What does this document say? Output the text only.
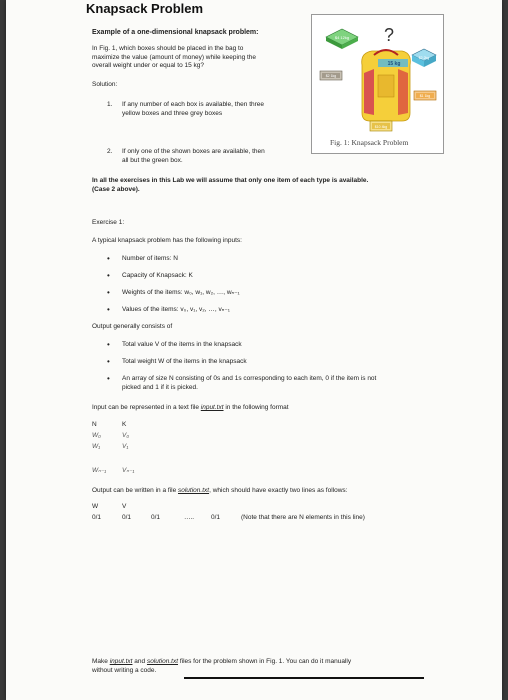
Knapsack Problem
Example of a one-dimensional knapsack problem:
In Fig. 1, which boxes should be placed in the bag to
maximize the value (amount of money) while keeping the
overall weight under or equal to 15 kg?
Solution:
1. If any number of each box is available, then three
yellow boxes and three grey boxes
2. If only one of the shown boxes are available, then
all but the green box.
$4 12kg ?
$2 2kg
$2 1kg
15 kg
$1 1kg
$10 4kg
Fig. 1: Knapsack Problem
In all the exercises in this Lab we will assume that only one item of each type is available.
(Case 2 above).
Exercise 1:
A typical knapsack problem has the following inputs:
• Number of items: N
• Capacity of Knapsack: K
• Weights of the items: w₀, w₁, w₂, …, wₙ₋₁
• Values of the items: v₀, v₁, v₂, …, vₙ₋₁
Output generally consists of
• Total value V of the items in the knapsack
• Total weight W of the items in the knapsack
• An array of size N consisting of 0s and 1s corresponding to each item, 0 if the item is not
picked and 1 if it is picked.
Input can be represented in a text file input.txt in the following format
N	K
W₀	V₀
W₁	V₁
Wₙ₋₁ Vₙ₋₁
Output can be written in a file solution.txt, which should have exactly two lines as follows:
W	V
0/1	0/1	0/1	…..	0/1	(Note that there are N elements in this line)
Make input.txt and solution.txt files for the problem shown in Fig. 1. You can do it manually
without writing a code.
